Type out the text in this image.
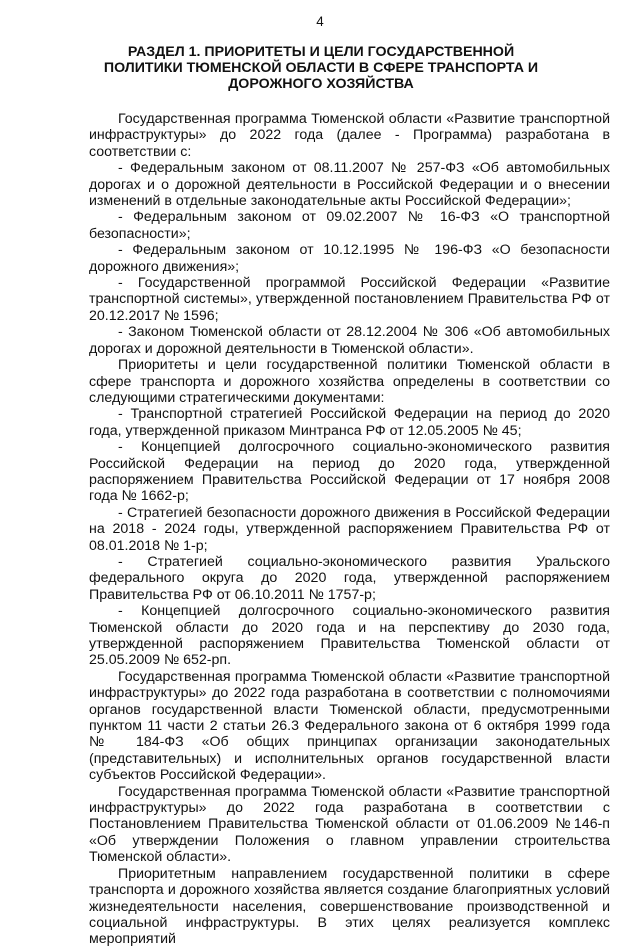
4
РАЗДЕЛ 1. ПРИОРИТЕТЫ И ЦЕЛИ ГОСУДАРСТВЕННОЙ ПОЛИТИКИ ТЮМЕНСКОЙ ОБЛАСТИ В СФЕРЕ ТРАНСПОРТА И ДОРОЖНОГО ХОЗЯЙСТВА

Государственная программа Тюменской области «Развитие транспортной инфраструктуры» до 2022 года (далее - Программа) разработана в соответствии с:

- Федеральным законом от 08.11.2007 № 257-ФЗ «Об автомобильных дорогах и о дорожной деятельности в Российской Федерации и о внесении изменений в отдельные законодательные акты Российской Федерации»;

- Федеральным законом от 09.02.2007 № 16-ФЗ «О транспортной безопасности»;

- Федеральным законом от 10.12.1995 № 196-ФЗ «О безопасности дорожного движения»;

- Государственной программой Российской Федерации «Развитие транспортной системы», утвержденной постановлением Правительства РФ от 20.12.2017 № 1596;

- Законом Тюменской области от 28.12.2004 № 306 «Об автомобильных дорогах и дорожной деятельности в Тюменской области».

Приоритеты и цели государственной политики Тюменской области в сфере транспорта и дорожного хозяйства определены в соответствии со следующими стратегическими документами:

- Транспортной стратегией Российской Федерации на период до 2020 года, утвержденной приказом Минтранса РФ от 12.05.2005 № 45;

- Концепцией долгосрочного социально-экономического развития Российской Федерации на период до 2020 года, утвержденной распоряжением Правительства Российской Федерации от 17 ноября 2008 года № 1662-р;

- Стратегией безопасности дорожного движения в Российской Федерации на 2018 - 2024 годы, утвержденной распоряжением Правительства РФ от 08.01.2018 № 1-р;

- Стратегией социально-экономического развития Уральского федерального округа до 2020 года, утвержденной распоряжением Правительства РФ от 06.10.2011 № 1757-р;

- Концепцией долгосрочного социально-экономического развития Тюменской области до 2020 года и на перспективу до 2030 года, утвержденной распоряжением Правительства Тюменской области от 25.05.2009 № 652-рп.

Государственная программа Тюменской области «Развитие транспортной инфраструктуры» до 2022 года разработана в соответствии с полномочиями органов государственной власти Тюменской области, предусмотренными пунктом 11 части 2 статьи 26.3 Федерального закона от 6 октября 1999 года № 184-ФЗ «Об общих принципах организации законодательных (представительных) и исполнительных органов государственной власти субъектов Российской Федерации».

Государственная программа Тюменской области «Развитие транспортной инфраструктуры» до 2022 года разработана в соответствии с Постановлением Правительства Тюменской области от 01.06.2009 №146-п «Об утверждении Положения о главном управлении строительства Тюменской области».

Приоритетным направлением государственной политики в сфере транспорта и дорожного хозяйства является создание благоприятных условий жизнедеятельности населения, совершенствование производственной и социальной инфраструктуры. В этих целях реализуется комплекс мероприятий
